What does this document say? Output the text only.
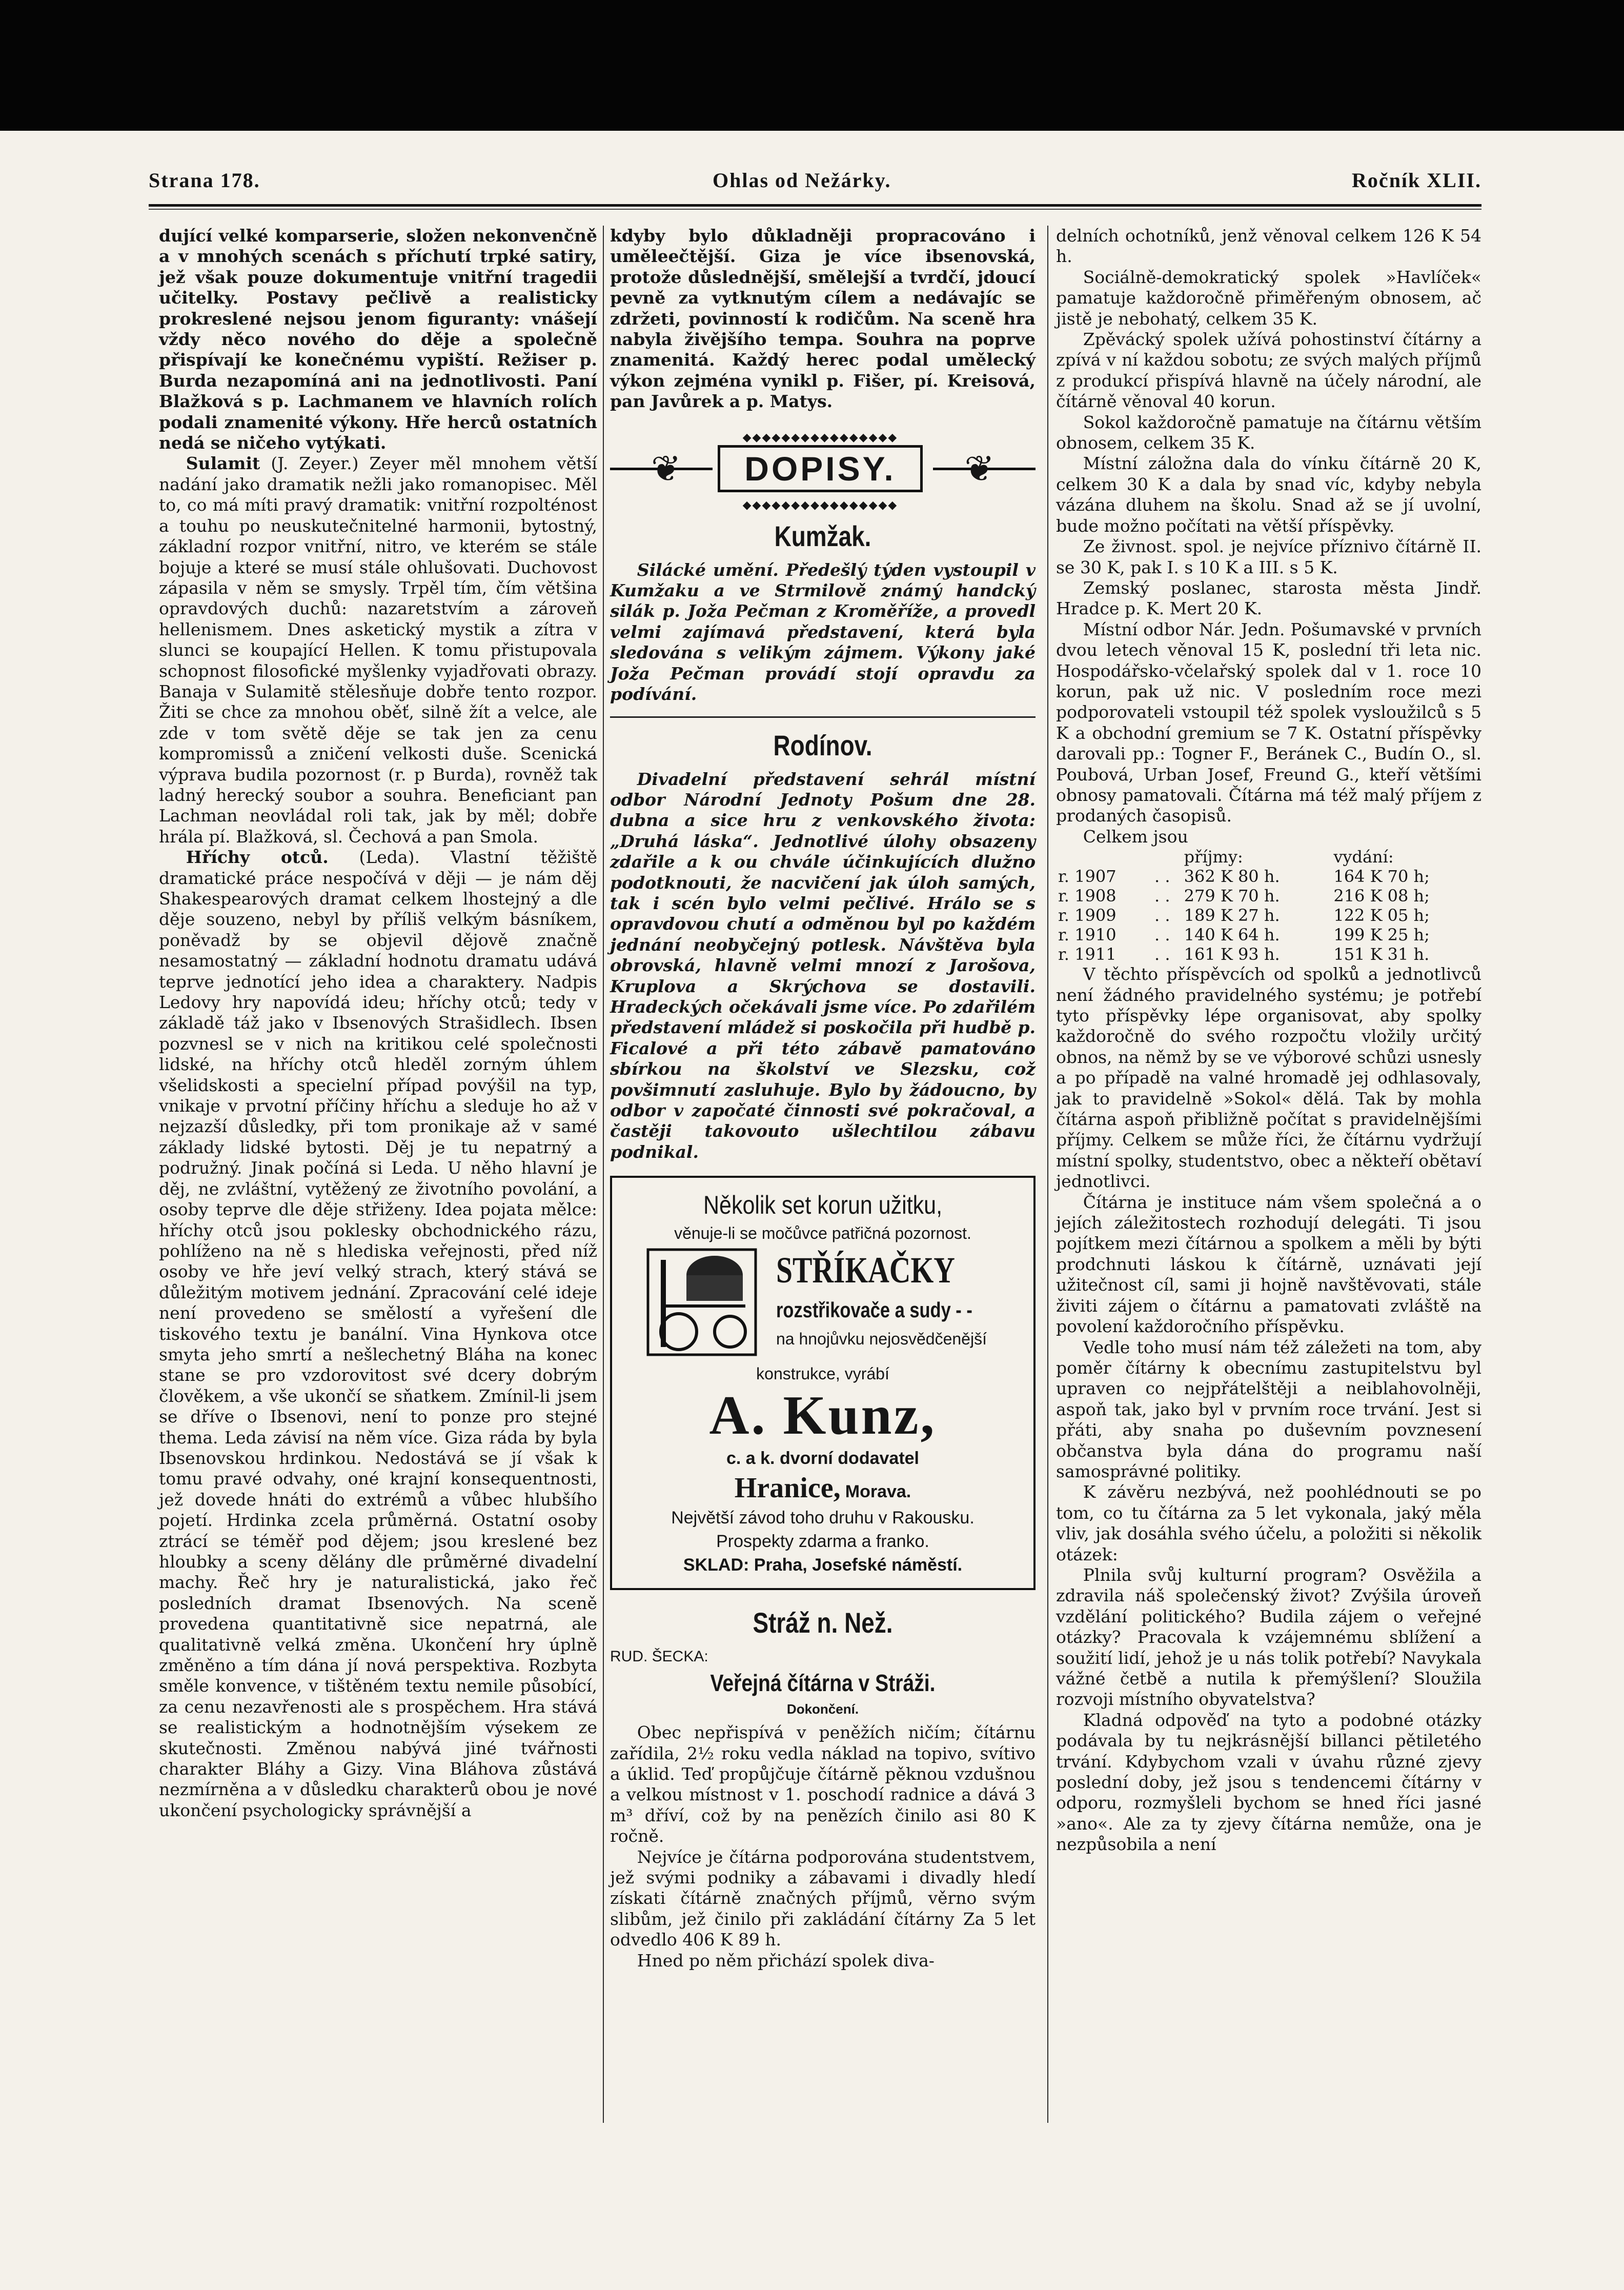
Strana 178.	Ohlas od Nežárky.	Ročník XLII.

dující velké komparserie, složen nekonvenčně a v mnohých scenách s příchutí trpké satiry, jež však pouze dokumentuje vnitřní tragedii učitelky. Postavy pečlivě a realisticky prokreslené nejsou jenom figuranty: vnášejí vždy něco nového do děje a společně přispívají ke konečnému vypiští. Režiser p. Burda nezapomíná ani na jednotlivosti. Paní Blažková s p. Lachmanem ve hlavních rolích podali znamenité výkony. Hře herců ostatních nedá se ničeho vytýkati.

Sulamit (J. Zeyer.) Zeyer měl mnohem větší nadání jako dramatik nežli jako romanopisec. Měl to, co má míti pravý dramatik: vnitřní rozpolténost a touhu po neuskutečnitelné harmonii, bytostný, základní rozpor vnitřní, nitro, ve kterém se stále bojuje a které se musí stále ohlušovati. Duchovost zápasila v něm se smysly. Trpěl tím, čím většina opravdových duchů: nazaretstvím a zároveň hellenismem. Dnes asketický mystik a zítra v slunci se koupající Hellen. K tomu přistupovala schopnost filosofické myšlenky vyjadřovati obrazy. Banaja v Sulamitě stělesňuje dobře tento rozpor. Žiti se chce za mnohou oběť, silně žít a velce, ale zde v tom světě děje se tak jen za cenu kompromissů a zničení velkosti duše. Scenická výprava budila pozornost (r. p Burda), rovněž tak ladný herecký soubor a souhra. Beneficiant pan Lachman neovládal roli tak, jak by měl; dobře hrála pí. Blažková, sl. Čechová a pan Smola.

Hříchy otců. (Leda). Vlastní těžiště dramatické práce nespočívá v ději — je nám děj Shakespearových dramat celkem lhostejný a dle děje souzeno, nebyl by příliš velkým básníkem, poněvadž by se objevil dějově značně nesamostatný — základní hodnotu dramatu udává teprve jednotící jeho idea a charaktery. Nadpis Ledovy hry napovídá ideu; hříchy otců; tedy v základě táž jako v Ibsenových Strašidlech. Ibsen pozvnesl se v nich na kritikou celé společnosti lidské, na hříchy otců hleděl zorným úhlem všelidskosti a specielní případ povýšil na typ, vnikaje v prvotní příčiny hříchu a sleduje ho až v nejzazší důsledky, při tom pronikaje až v samé základy lidské bytosti. Děj je tu nepatrný a podružný. Jinak počíná si Leda. U něho hlavní je děj, ne zvláštní, vytěžený ze životního povolání, a osoby teprve dle děje střiženy. Idea pojata mělce: hříchy otců jsou poklesky obchodnického rázu, pohlíženo na ně s hlediska veřejnosti, před níž osoby ve hře jeví velký strach, který stává se důležitým motivem jednání. Zpracování celé ideje není provedeno se smělostí a vyřešení dle tiskového textu je banální. Vina Hynkova otce smyta jeho smrtí a nešlechetný Bláha na konec stane se pro vzdorovitost své dcery dobrým člověkem, a vše ukončí se sňatkem. Zmínil-li jsem se dříve o Ibsenovi, není to ponze pro stejné themа. Leda závisí na něm více. Giza ráda by byla Ibsenovskou hrdinkou. Nedostává se jí však k tomu pravé odvahy, oné krajní konsequentnosti, jež dovede hnáti do extrémů a vůbec hlubšího pojetí. Hrdinka zcela průměrná. Ostatní osoby ztrácí se téměř pod dějem; jsou kreslené bez hloubky a sceny dělány dle průměrné divadelní machy. Řeč hry je naturalistická, jako řeč posledních dramat Ibsenových. Na sceně provedena quantitativně sice nepatrná, ale qualitativně velká změna. Ukončení hry úplně změněno a tím dána jí nová perspektiva. Rozbyta směle konvence, v tištěném textu nemile působící, za cenu nezavřenosti ale s prospěchem. Hra stává se realistickým a hodnotnějším výsekem ze skutečnosti. Změnou nabývá jiné tvářnosti charakter Bláhy a Gizy. Vina Bláhova zůstává nezmírněna a v důsledku charakterů obou je nové ukončení psychologicky správnější a

kdyby bylo důkladněji propracováno i uměleečtější. Giza je více ibsenovská, protože důslednější, smělejší a tvrdčí, jdoucí pevně za vytknutým cílem a nedávajíc se zdržeti, povinností k rodičům. Na sceně hra nabyla živějšího tempa. Souhra na poprve znamenitá. Každý herec podal umělecký výkon zejména vynikl p. Fišer, pí. Kreisová, pan Javůrek a p. Matys.

❦	❦
◆◆◆◆◆◆◆◆◆◆◆◆◆◆◆◆
DOPISY.
◆◆◆◆◆◆◆◆◆◆◆◆◆◆◆◆
Kumžak.

Silácké umění. Předešlý týden vystoupil v Kumžaku a ve Strmilově známý handcký silák p. Joža Pečman z Kroměříže, a provedl velmi zajímavá představení, která byla sledována s velikým zájmem. Výkony jaké Joža Pečman provádí stojí opravdu za podívání.

Rodínov.

Divadelní představení sehrál místní odbor Národní Jednoty Pošum dne 28. dubna a sice hru z venkovského života: „Druhá láska“. Jednotlivé úlohy obsazeny zdařile a k ou chvále účinkujících dlužno podotknouti, že nacvičení jak úloh samých, tak i scén bylo velmi pečlivé. Hrálo se s opravdovou chutí a odměnou byl po každém jednání neobyčejný potlesk. Návštěva byla obrovská, hlavně velmi mnozí z Jarošova, Kruplova a Skrýchova se dostavili. Hradeckých očekávali jsme více. Po zdařilém představení mládež si poskočila při hudbě p. Ficalové a při této zábavě pamatováno sbírkou na školství ve Slezsku, což povšimnutí zasluhuje. Bylo by žádoucno, by odbor v započaté činnosti své pokračoval, a častěji takovouto ušlechtilou zábavu podnikal.

Několik set korun užitku,
věnuje-li se močůvce patřičná pozornost.
STŘÍKAČKY
rozstřikovače a sudy - -
na hnojůvku nejosvědčenější
konstrukce, vyrábí
A. Kunz,
c. a k. dvorní dodavatel
Hranice, Morava.
Největší závod toho druhu v Rakousku.
Prospekty zdarma a franko.
SKLAD: Praha, Josefské náměstí.
Stráž n. Než.
RUD. ŠECKA:
Veřejná čítárna v Stráži.
Dokončení.

Obec nepřispívá v peněžích ničím; čítárnu zařídila, 2½ roku vedla náklad na topivo, svítivo a úklid. Teď propůjčuje čítárně pěknou vzdušnou a velkou místnost v 1. poschodí radnice a dává 3 m³ dříví, což by na penězích činilo asi 80 K ročně.

Nejvíce je čítárna podporována studentstvem, jež svými podniky a zábavami i divadly hledí získati čítárně značných příjmů, věrno svým slibům, jež činilo při zakládání čítárny Za 5 let odvedlo 406 K 89 h.

Hned po něm přichází spolek diva-

delních ochotníků, jenž věnoval celkem 126 K 54 h.

Sociálně-demokratický spolek »Havlíček« pamatuje každoročně přiměřeným obnosem, ač jistě je nebohatý, celkem 35 K.

Zpěvácký spolek užívá pohostinství čítárny a zpívá v ní každou sobotu; ze svých malých příjmů z produkcí přispívá hlavně na účely národní, ale čítárně věnoval 40 korun.

Sokol každoročně pamatuje na čítárnu větším obnosem, celkem 35 K.

Místní záložna dala do vínku čítárně 20 K, celkem 30 K a dala by snad víc, kdyby nebyla vázána dluhem na školu. Snad až se jí uvolní, bude možno počítati na větší příspěvky.

Ze živnost. spol. je nejvíce příznivo čítárně II. se 30 K, pak I. s 10 K a III. s 5 K.

Zemský poslanec, starosta města Jindř. Hradce p. K. Mert 20 K.

Místní odbor Nár. Jedn. Pošumavské v prvních dvou letech věnoval 15 K, poslední tři leta nic. Hospodářsko-včelařský spolek dal v 1. roce 10 korun, pak už nic. V posledním roce mezi podporovateli vstoupil též spolek vysloužilců s 5 K a obchodní gremium se 7 K. Ostatní příspěvky darovali pp.: Togner F., Beránek C., Budín O., sl. Poubová, Urban Josef, Freund G., kteří většími obnosy pamatovali. Čítárna má též malý příjem z prodaných časopisů.

Celkem jsou

		příjmy:	vydání:
r. 1907	. .	362 K 80 h.	164 K 70 h;
r. 1908	. .	279 K 70 h.	216 K 08 h;
r. 1909	. .	189 K 27 h.	122 K 05 h;
r. 1910	. .	140 K 64 h.	199 K 25 h;
r. 1911	. .	161 K 93 h.	151 K 31 h.

V těchto příspěvcích od spolků a jednotlivců není žádného pravidelného systému; je potřebí tyto příspěvky lépe organisovat, aby spolky každoročně do svého rozpočtu vložily určitý obnos, na němž by se ve výborové schůzi usnesly a po případě na valné hromadě jej odhlasovaly, jak to pravidelně »Sokol« dělá. Tak by mohla čítárna aspoň přibližně počítat s pravidelnějšími příjmy. Celkem se může říci, že čítárnu vydržují místní spolky, studentstvo, obec a někteří obětaví jednotlivci.

Čítárna je instituce nám všem společná a o jejích záležitostech rozhodují delegáti. Ti jsou pojítkem mezi čítárnou a spolkem a měli by býti prodchnuti láskou k čítárně, uznávati její užitečnost cíl, sami ji hojně navštěvovati, stále živiti zájem o čítárnu a pamatovati zvláště na povolení každoročního příspěvku.

Vedle toho musí nám též záležeti na tom, aby poměr čítárny k obecnímu zastupitelstvu byl upraven co nejpřátelštěji a neiblahovolněji, aspoň tak, jako byl v prvním roce trvání. Jest si přáti, aby snaha po duševním povznesení občanstva byla dána do programu naší samosprávné politiky.

K závěru nezbývá, než poohlédnouti se po tom, co tu čítárna za 5 let vykonala, jaký měla vliv, jak dosáhla svého účelu, a položiti si několik otázek:

Plnila svůj kulturní program? Osvěžila a zdravila náš společenský život? Zvýšila úroveň vzdělání politického? Budila zájem o veřejné otázky? Pracovala k vzájemnému sblížení a soužití lidí, jehož je u nás tolik potřebí? Navykala vážné četbě a nutila k přemýšlení? Sloužila rozvoji místního obyvatelstva?

Kladná odpověď na tyto a podobné otázky podávala by tu nejkrásnější billanci pětiletého trvání. Kdybychom vzali v úvahu různé zjevy poslední doby, jež jsou s tendencemi čítárny v odporu, rozmyšleli bychom se hned říci jasné »ano«. Ale za ty zjevy čítárna nemůže, ona je nezpůsobila a není
